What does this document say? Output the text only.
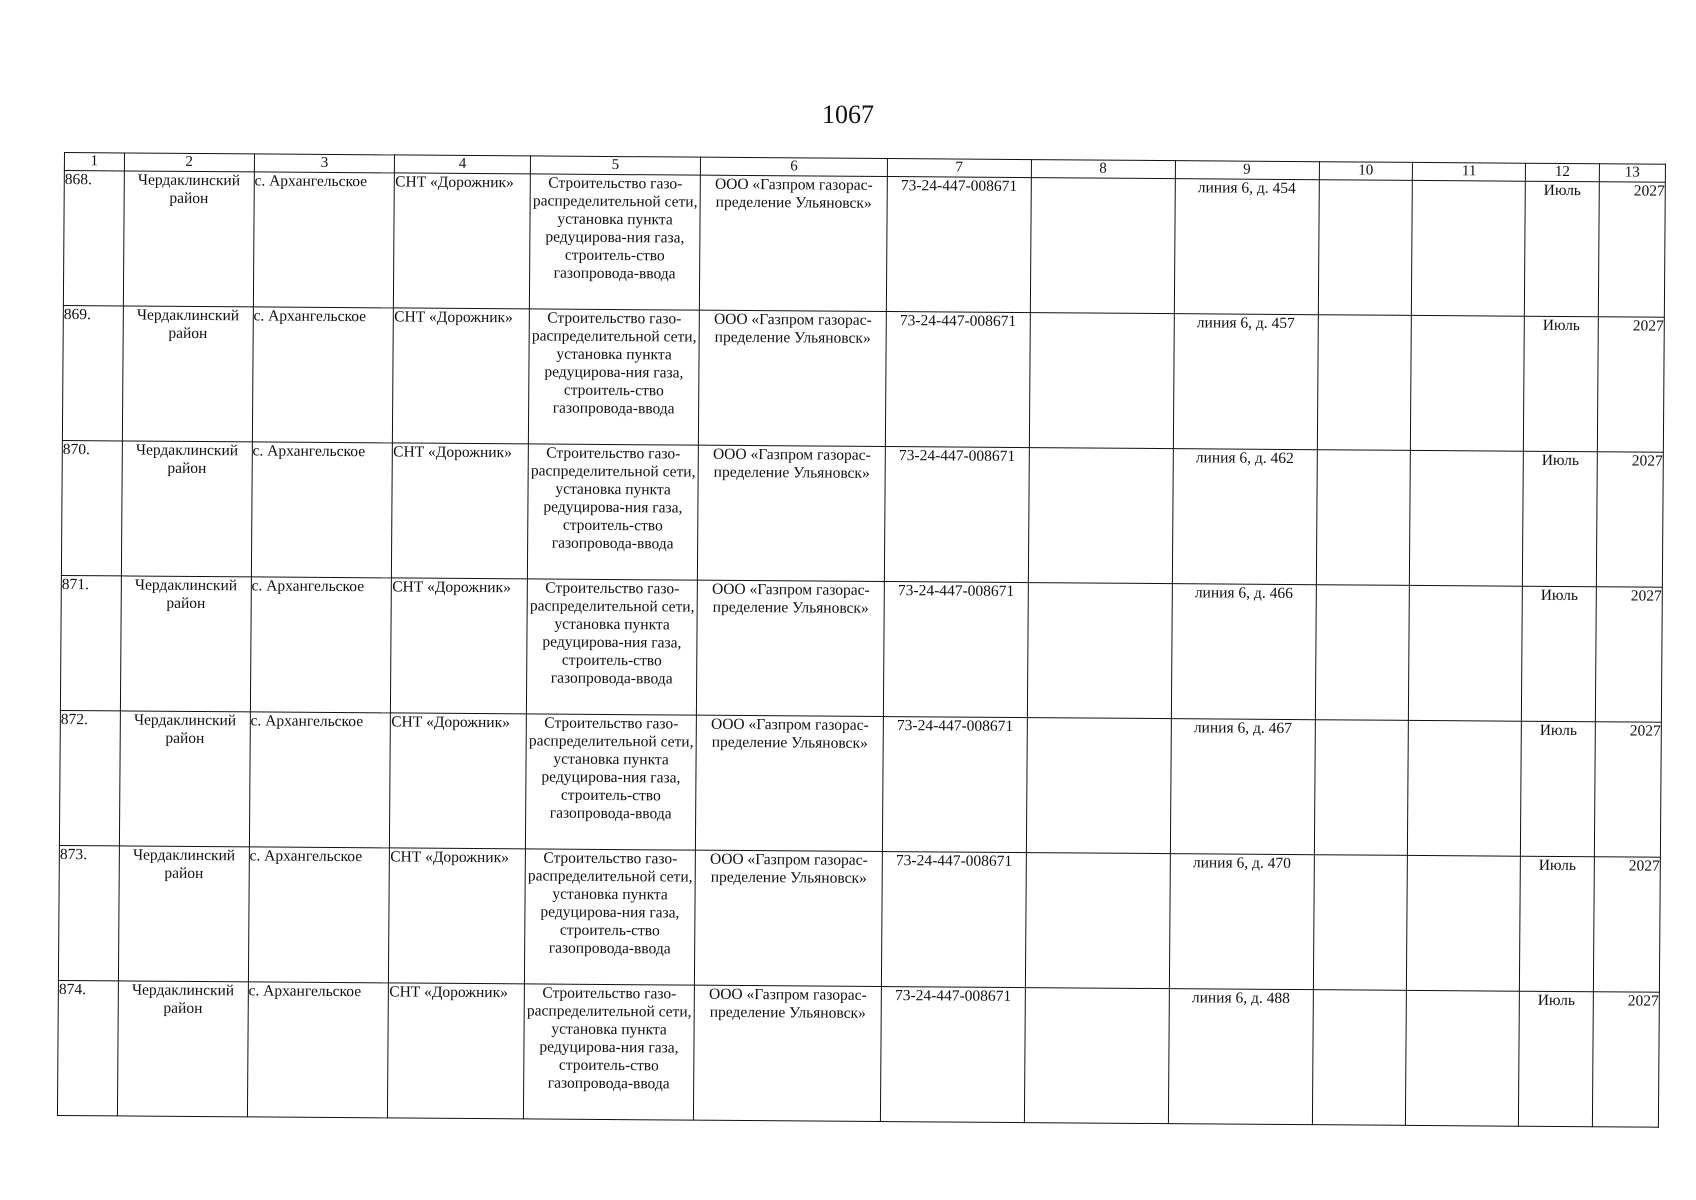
1067
1	2	3	4	5	6	7	8	9	10	11	12	13
868.	Чердаклинский район	с. Архангельское	СНТ «Дорожник»	Строительство газо-распределительной сети, установка пункта редуцирова-ния газа, строитель-ство газопровода-ввода	ООО «Газпром газорас-пределение Ульяновск»	73-24-447-008671		линия 6, д. 454			Июль	2027
869.	Чердаклинский район	с. Архангельское	СНТ «Дорожник»	Строительство газо-распределительной сети, установка пункта редуцирова-ния газа, строитель-ство газопровода-ввода	ООО «Газпром газорас-пределение Ульяновск»	73-24-447-008671		линия 6, д. 457			Июль	2027
870.	Чердаклинский район	с. Архангельское	СНТ «Дорожник»	Строительство газо-распределительной сети, установка пункта редуцирова-ния газа, строитель-ство газопровода-ввода	ООО «Газпром газорас-пределение Ульяновск»	73-24-447-008671		линия 6, д. 462			Июль	2027
871.	Чердаклинский район	с. Архангельское	СНТ «Дорожник»	Строительство газо-распределительной сети, установка пункта редуцирова-ния газа, строитель-ство газопровода-ввода	ООО «Газпром газорас-пределение Ульяновск»	73-24-447-008671		линия 6, д. 466			Июль	2027
872.	Чердаклинский район	с. Архангельское	СНТ «Дорожник»	Строительство газо-распределительной сети, установка пункта редуцирова-ния газа, строитель-ство газопровода-ввода	ООО «Газпром газорас-пределение Ульяновск»	73-24-447-008671		линия 6, д. 467			Июль	2027
873.	Чердаклинский район	с. Архангельское	СНТ «Дорожник»	Строительство газо-распределительной сети, установка пункта редуцирова-ния газа, строитель-ство газопровода-ввода	ООО «Газпром газорас-пределение Ульяновск»	73-24-447-008671		линия 6, д. 470			Июль	2027
874.	Чердаклинский район	с. Архангельское	СНТ «Дорожник»	Строительство газо-распределительной сети, установка пункта редуцирова-ния газа, строитель-ство газопровода-ввода	ООО «Газпром газорас-пределение Ульяновск»	73-24-447-008671		линия 6, д. 488			Июль	2027
